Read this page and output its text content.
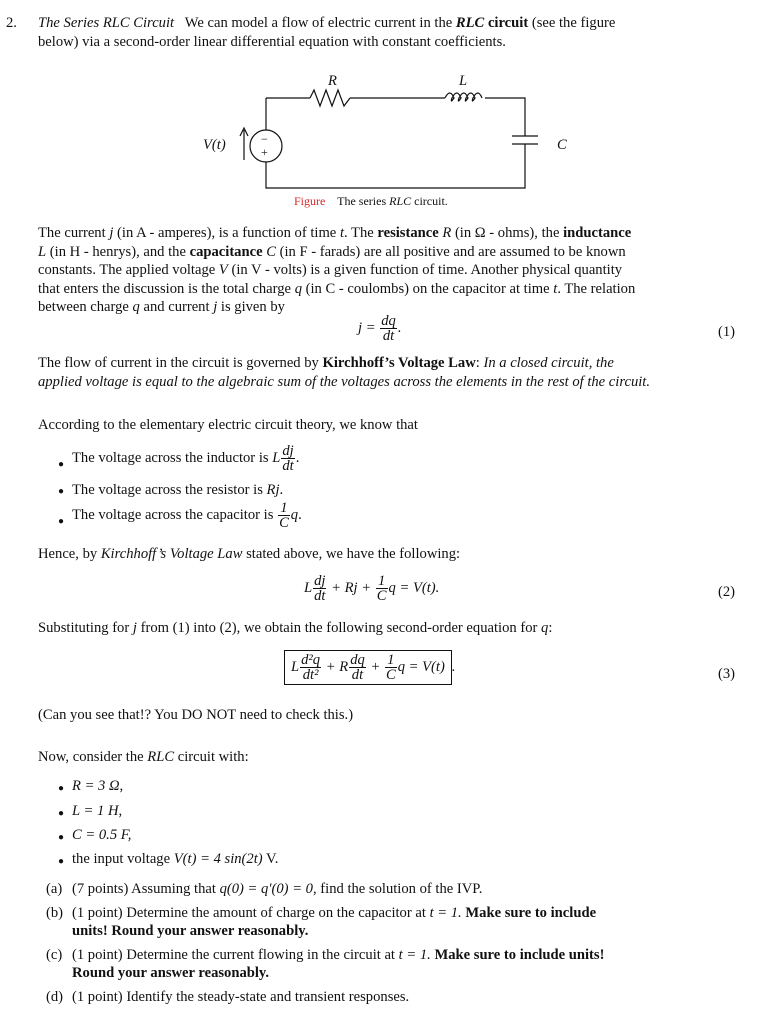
2. The Series RLC Circuit We can model a flow of electric current in the RLC circuit (see the figure
below) via a second-order linear differential equation with constant coefficients.
R	L
C
V(t)	−
+
Figure The series RLC circuit.
The current j (in A - amperes), is a function of time t. The resistance R (in Ω - ohms), the inductance
L (in H - henrys), and the capacitance C (in F - farads) are all positive and are assumed to be known
constants. The applied voltage V (in V - volts) is a given function of time. Another physical quantity
that enters the discussion is the total charge q (in C - coulombs) on the capacitor at time t. The relation
between charge q and current j is given by
$j = \frac{dq}{dt}$ .	(1)
The flow of current in the circuit is governed by Kirchhoff’s Voltage Law: In a closed circuit, the
applied voltage is equal to the algebraic sum of the voltages across the elements in the rest of the circuit.
According to the elementary electric circuit theory, we know that
● The voltage across the inductor is L $\frac{dj}{dt}$ .
● The voltage across the resistor is Rj.
● The voltage across the capacitor is $\frac{1}{C} q$.
Hence, by Kirchhoff’s Voltage Law stated above, we have the following:
L $\frac{dj}{dt} + Rj + \frac{1}{C}$ q = V(t).	(2)
Substituting for j from (1) into (2), we obtain the following second-order equation for q:
L $\frac{\text{d²q}}{\text{dt²}} + R \frac{dq}{dt} + \frac{1}{C}$ q = V(t) .	(3)
(Can you see that!? You DO NOT need to check this.)
Now, consider the RLC circuit with:
● R = 3 Ω,
● L = 1 H,
● C = 0.5 F,
● the input voltage V(t) = 4 sin(2t) V.
(a) (7 points) Assuming that q(0) = q′(0) = 0, find the solution of the IVP.
(b) (1 point) Determine the amount of charge on the capacitor at t = 1. Make sure to include
units! Round your answer reasonably.
(c) (1 point) Determine the current flowing in the circuit at t = 1. Make sure to include units!
Round your answer reasonably.
(d) (1 point) Identify the steady-state and transient responses.
